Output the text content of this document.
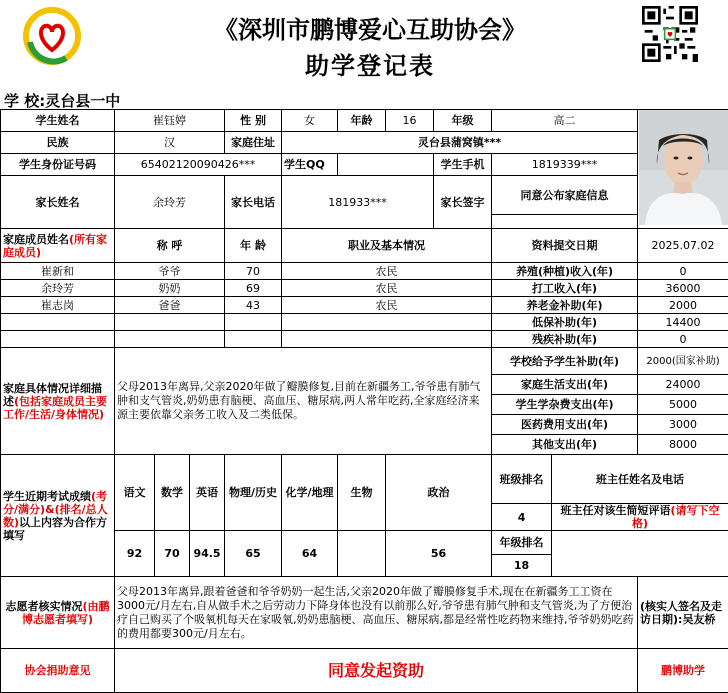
《深圳市鹏博爱心互助协会》
助学登记表
学 校:灵台县一中
学生姓名	崔钰婷			性 别	女	年龄	16	年级	高二	
民族	汉			家庭住址	灵台县蒲窝镇***							
学生身份证号码	65402120090426***				学生QQ			学生手机	1819339***			
家长姓名	余玲芳			家长电话	181933***			家长签字	同意公布家庭信息			

家庭成员姓名(所有家庭成员)	称 呼			年 龄	职业及基本情况				资料提交日期		2025.07.02	
崔新和	爷爷			70	农民				养殖(种植)收入(年)		0	
余玲芳	奶奶			69	农民				打工收入(年)		36000	
崔志岗	爸爸			43	农民				养老金补助(年)		2000	
									低保补助(年)		14400	
									残疾补助(年)		0	
家庭具体情况详细描述(包括家庭成员主要工作/生活/身体情况)	父母2013年离异,父亲2020年做了瓣膜修复,目前在新疆务工,爷爷患有肺气肿和支气管炎,奶奶患有脑梗、高血压、糖尿病,两人常年吃药,全家庭经济来源主要依靠父亲务工收入及二类低保。								学校给予学生补助(年)		2000(国家补助)	
									家庭生活支出(年)		24000	
									学生学杂费支出(年)		5000	
									医药费用支出(年)		3000	
									其他支出(年)		8000	
学生近期考试成绩(考分/满分)&(排名/总人数)以上内容为合作方填写	语文	数学	英语	物理/历史	化学/地理	生物	政治		班级排名	班主任姓名及电话	
									4	班主任对该生简短评语(请写下空格)		
	92	70	94.5	65	64		56		年级排名			
									18			
志愿者核实情况(由鹏博志愿者填写)	父母2013年离异,跟着爸爸和爷爷奶奶一起生活,父亲2020年做了瓣膜修复手术,现在在新疆务工工资在3000元/月左右,自从做手术之后劳动力下降身体也没有以前那么好,爷爷患有肺气肿和支气管炎,为了方便治疗自己购买了个吸氧机每天在家吸氧,奶奶患脑梗、高血压、糖尿病,都是经常性吃药物来维持,爷爷奶奶吃药的费用都要300元/月左右。										(核实人签名及走访日期):吴友桥	
协会捐助意见	同意发起资助										鹏博助学	
